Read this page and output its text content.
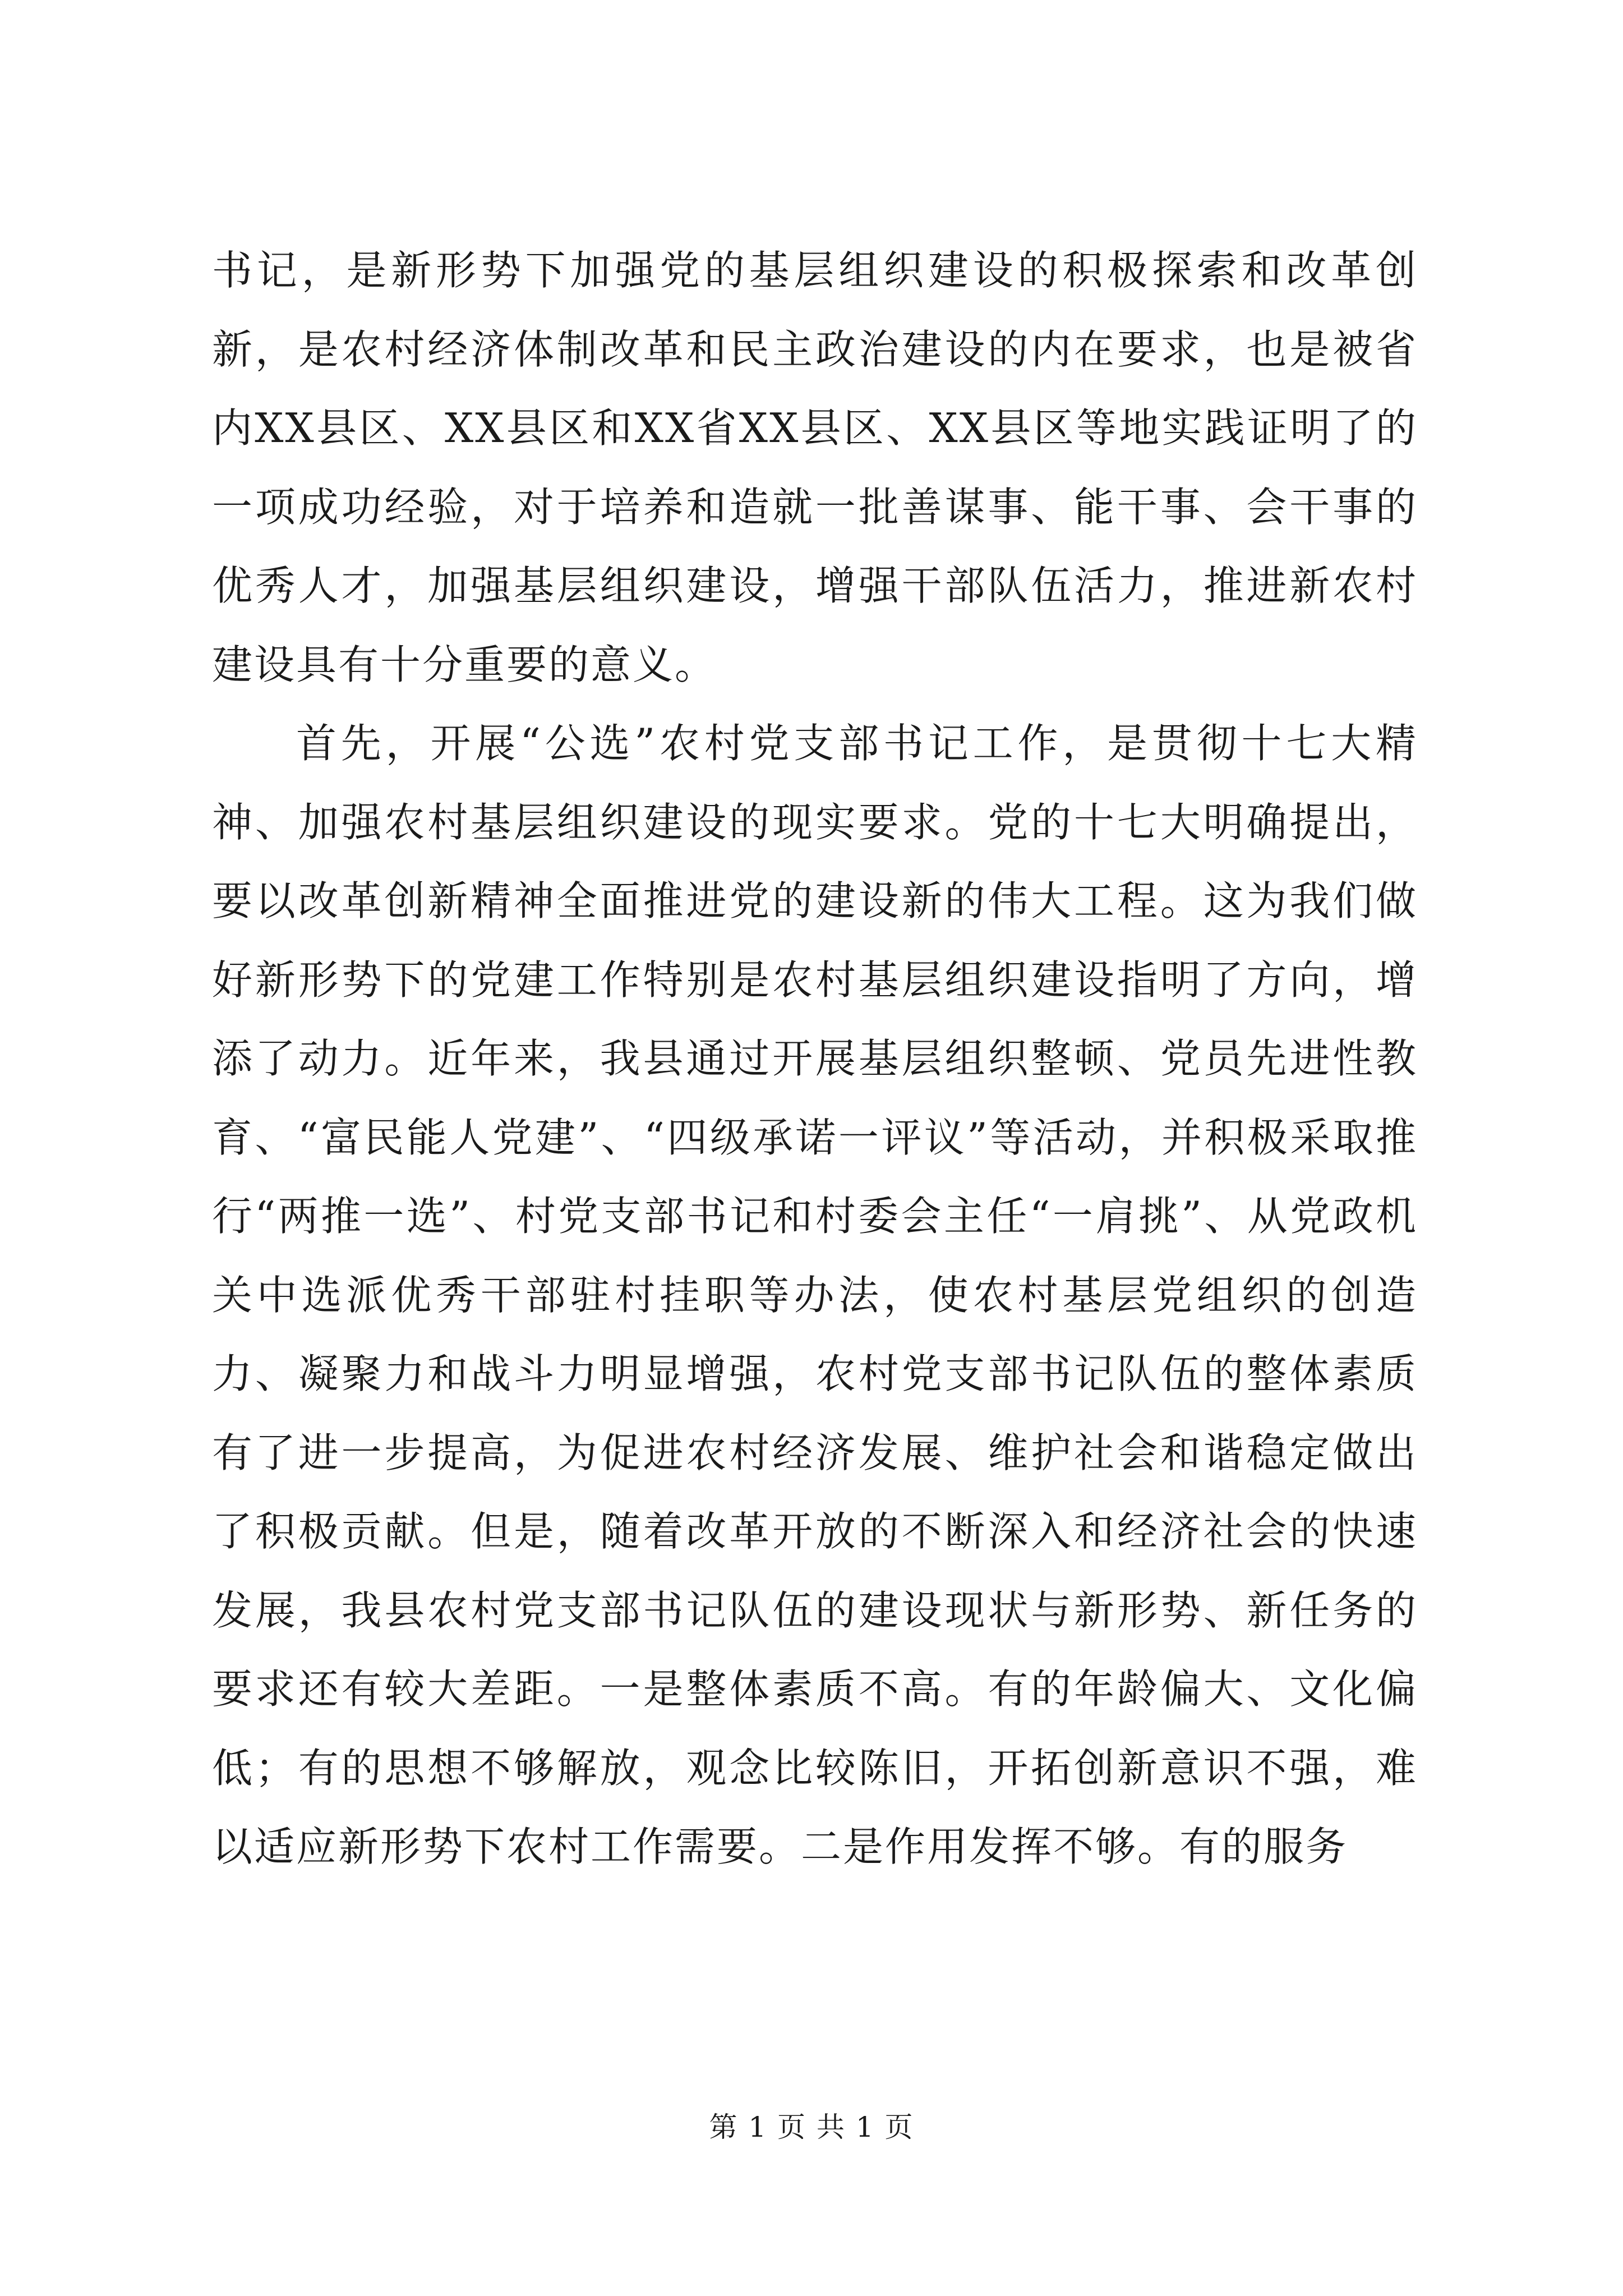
书记，是新形势下加强党的基层组织建设的积极探索和改革创新，是农村经济体制改革和民主政治建设的内在要求，也是被省内XX县区、XX县区和XX省XX县区、XX县区等地实践证明了的一项成功经验，对于培养和造就一批善谋事、能干事、会干事的优秀人才，加强基层组织建设，增强干部队伍活力，推进新农村建设具有十分重要的意义。

首先，开展“公选”农村党支部书记工作，是贯彻十七大精神、加强农村基层组织建设的现实要求。党的十七大明确提出，要以改革创新精神全面推进党的建设新的伟大工程。这为我们做好新形势下的党建工作特别是农村基层组织建设指明了方向，增添了动力。近年来，我县通过开展基层组织整顿、党员先进性教育、“富民能人党建”、“四级承诺一评议”等活动，并积极采取推行“两推一选”、村党支部书记和村委会主任“一肩挑”、从党政机关中选派优秀干部驻村挂职等办法，使农村基层党组织的创造力、凝聚力和战斗力明显增强，农村党支部书记队伍的整体素质有了进一步提高，为促进农村经济发展、维护社会和谐稳定做出了积极贡献。但是，随着改革开放的不断深入和经济社会的快速发展，我县农村党支部书记队伍的建设现状与新形势、新任务的要求还有较大差距。一是整体素质不高。有的年龄偏大、文化偏低；有的思想不够解放，观念比较陈旧，开拓创新意识不强，难以适应新形势下农村工作需要。二是作用发挥不够。有的服务

第 1 页 共 1 页
